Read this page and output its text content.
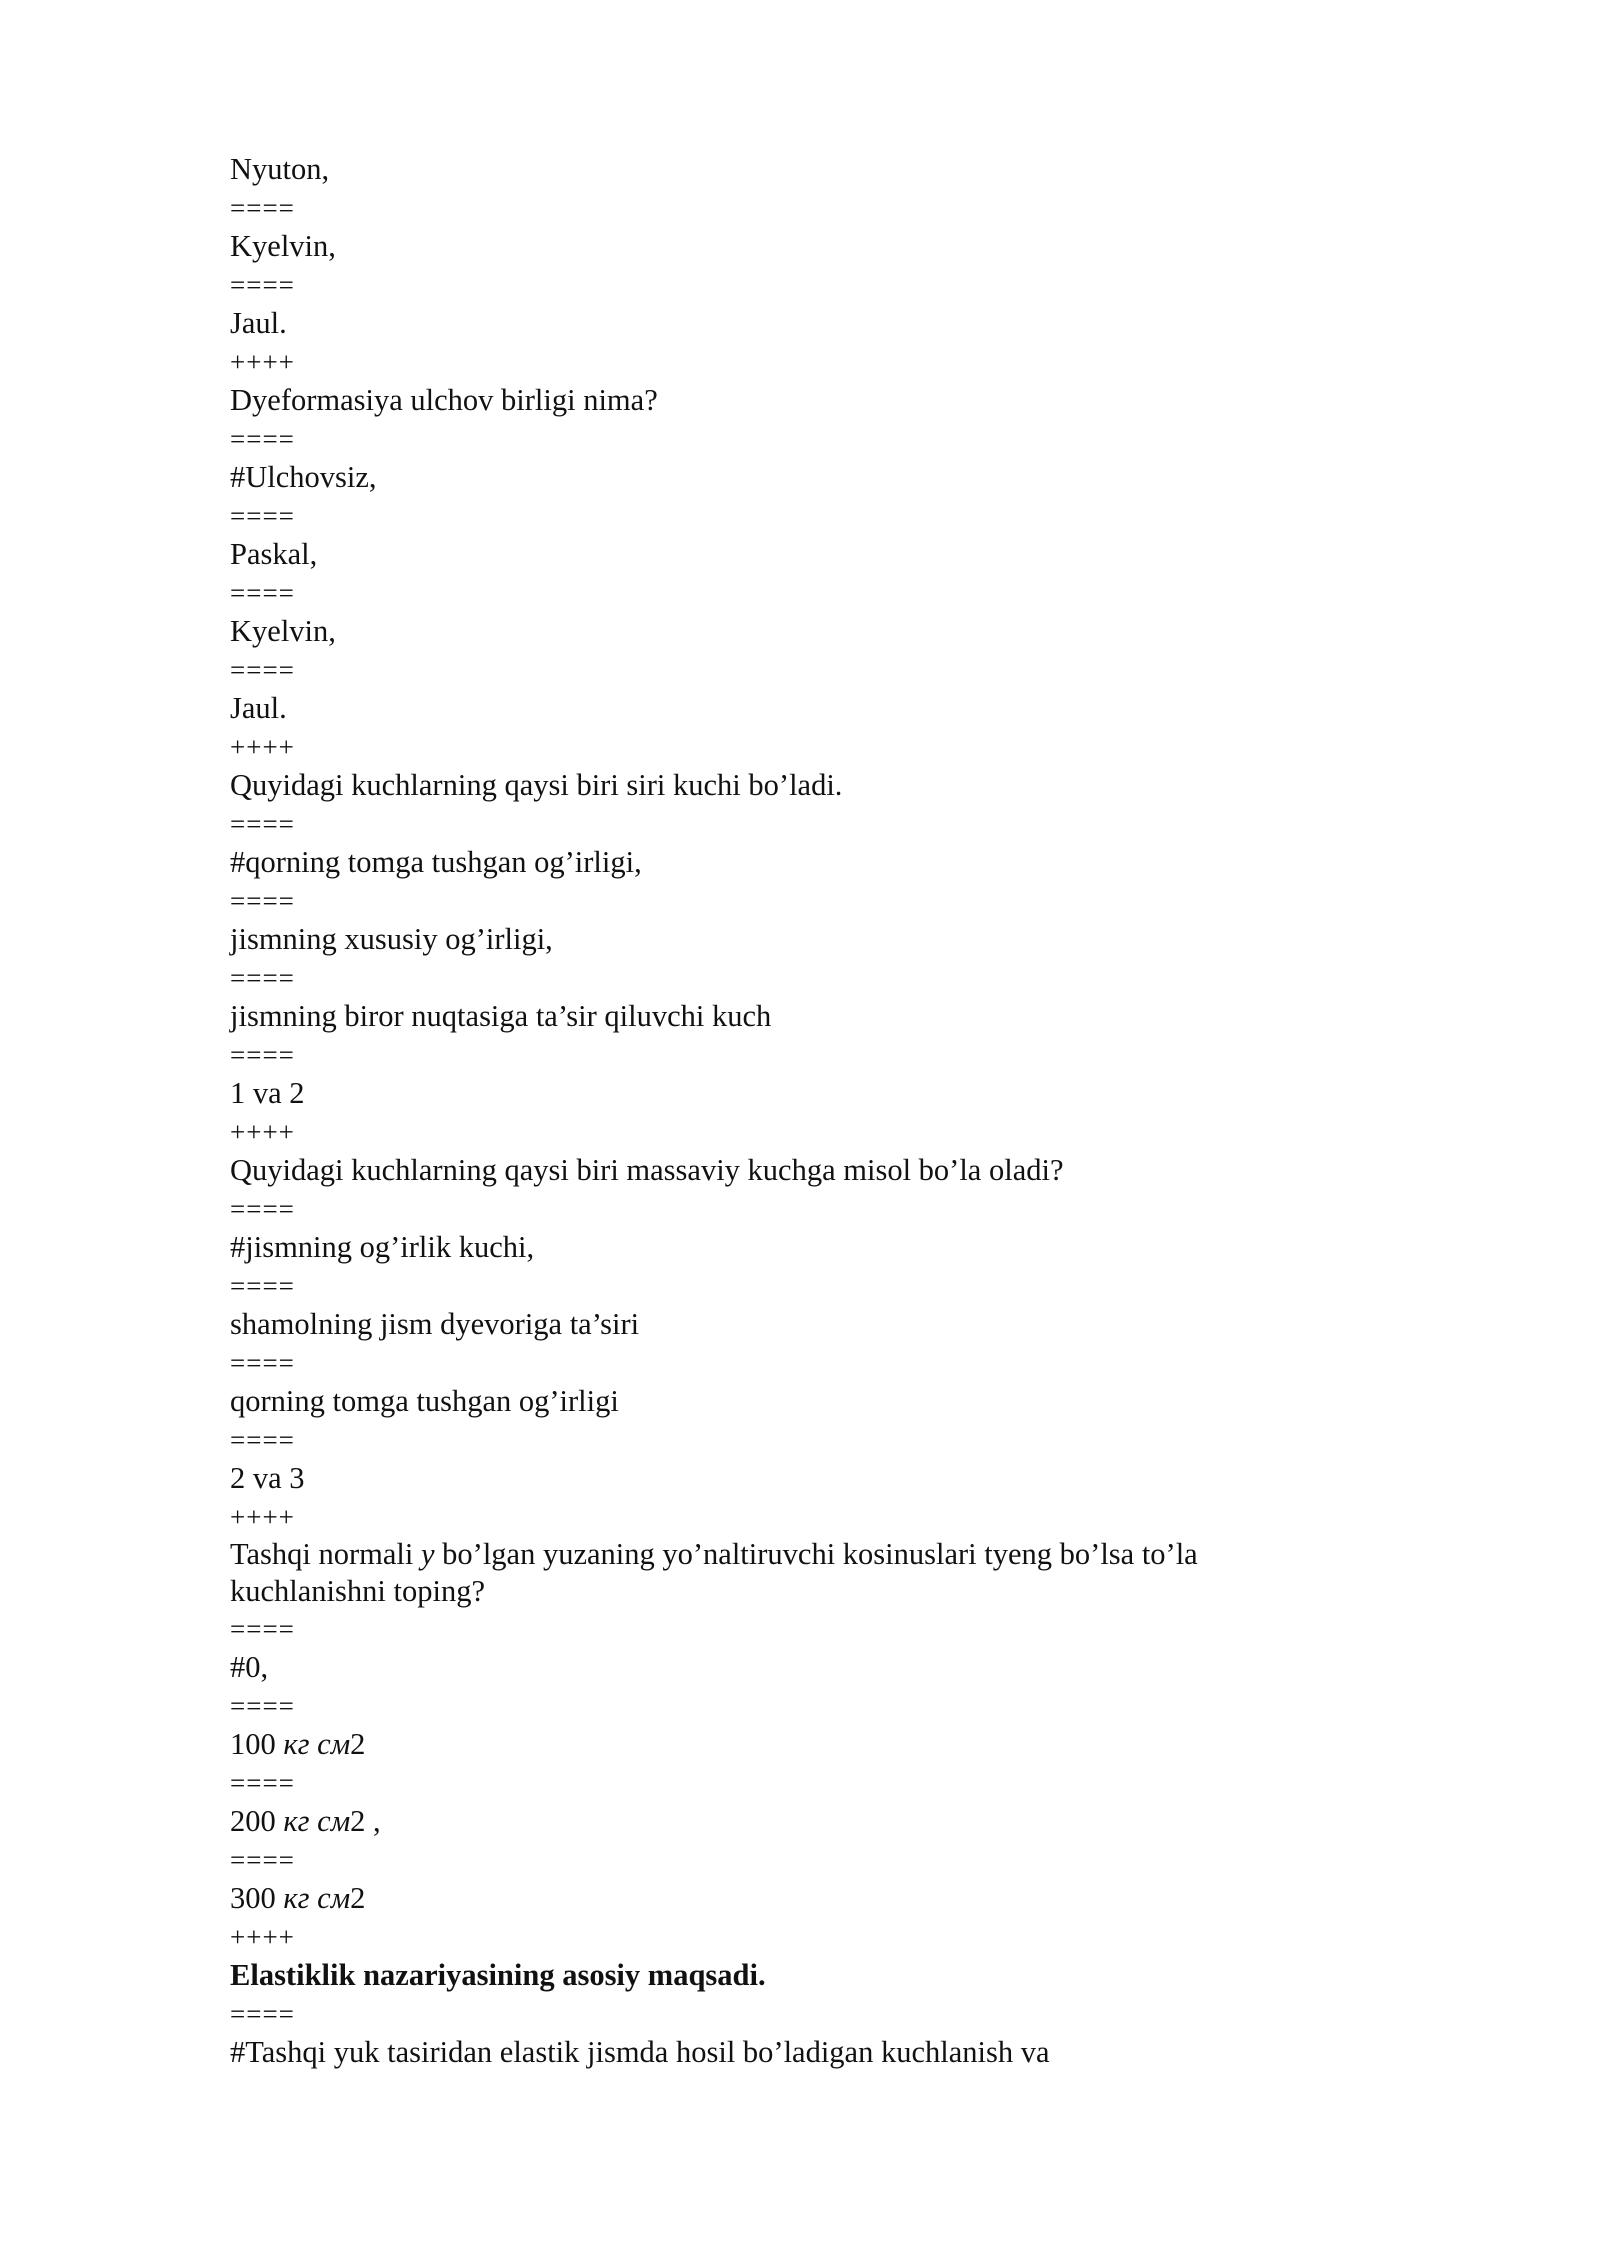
Nyuton,
====
Kyelvin,
====
Jaul.
++++
Dyeformasiya ulchov birligi nima?
====
#Ulchovsiz,
====
Paskal,
====
Kyelvin,
====
Jaul.
++++
Quyidagi kuchlarning qaysi biri siri kuchi bo’ladi.
====
#qorning tomga tushgan og’irligi,
====
jismning xususiy og’irligi,
====
jismning biror nuqtasiga ta’sir qiluvchi kuch
====
1 va 2
++++
Quyidagi kuchlarning qaysi biri massaviy kuchga misol bo’la oladi?
====
#jismning og’irlik kuchi,
====
shamolning jism dyevoriga ta’siri
====
qorning tomga tushgan og’irligi
====
2 va 3
++++
Tashqi normali y bo’lgan yuzaning yo’naltiruvchi kosinuslari tyeng bo’lsa to’la kuchlanishni toping?
====
#0,
====
100 кг см2
====
200 кг см2 ,
====
300 кг см2
++++
Elastiklik nazariyasining asosiy maqsadi.
====
#Tashqi yuk tasiridan elastik jismda hosil bo’ladigan kuchlanish va
